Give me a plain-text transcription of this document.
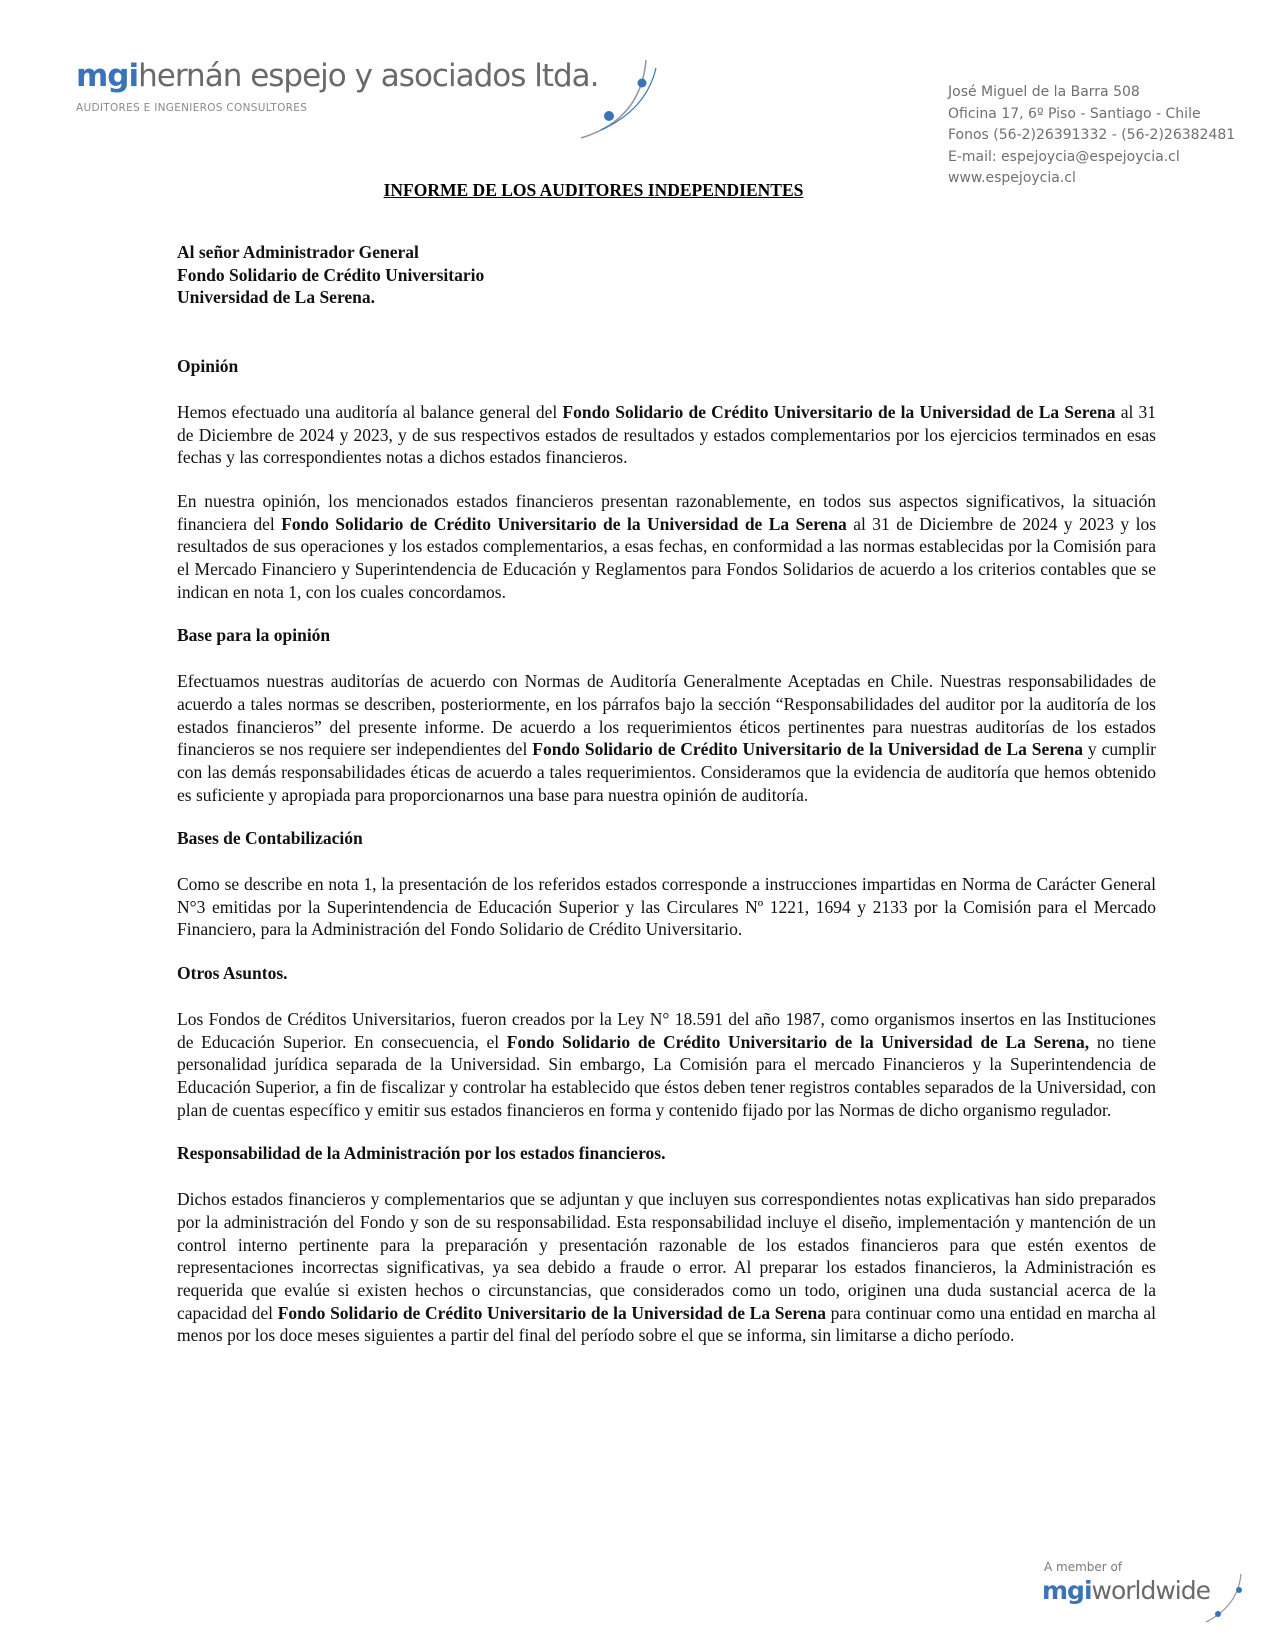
mgihernán espejo y asociados ltda.
AUDITORES E INGENIEROS CONSULTORES
José Miguel de la Barra 508
Oficina 17, 6º Piso - Santiago - Chile
Fonos (56-2)26391332 - (56-2)26382481
E-mail: espejoycia@espejoycia.cl
www.espejoycia.cl
INFORME DE LOS AUDITORES INDEPENDIENTES
Al señor Administrador General
Fondo Solidario de Crédito Universitario
Universidad de La Serena.
Opinión

Hemos efectuado una auditoría al balance general del Fondo Solidario de Crédito Universitario de la Universidad de La Serena al 31 de Diciembre de 2024 y 2023, y de sus respectivos estados de resultados y estados complementarios por los ejercicios terminados en esas fechas y las correspondientes notas a dichos estados financieros.

En nuestra opinión, los mencionados estados financieros presentan razonablemente, en todos sus aspectos significativos, la situación financiera del Fondo Solidario de Crédito Universitario de la Universidad de La Serena al 31 de Diciembre de 2024 y 2023 y los resultados de sus operaciones y los estados complementarios, a esas fechas, en conformidad a las normas establecidas por la Comisión para el Mercado Financiero y Superintendencia de Educación y Reglamentos para Fondos Solidarios de acuerdo a los criterios contables que se indican en nota 1, con los cuales concordamos.

Base para la opinión

Efectuamos nuestras auditorías de acuerdo con Normas de Auditoría Generalmente Aceptadas en Chile. Nuestras responsabilidades de acuerdo a tales normas se describen, posteriormente, en los párrafos bajo la sección “Responsabilidades del auditor por la auditoría de los estados financieros” del presente informe. De acuerdo a los requerimientos éticos pertinentes para nuestras auditorías de los estados financieros se nos requiere ser independientes del Fondo Solidario de Crédito Universitario de la Universidad de La Serena y cumplir con las demás responsabilidades éticas de acuerdo a tales requerimientos. Consideramos que la evidencia de auditoría que hemos obtenido es suficiente y apropiada para proporcionarnos una base para nuestra opinión de auditoría.

Bases de Contabilización

Como se describe en nota 1, la presentación de los referidos estados corresponde a instrucciones impartidas en Norma de Carácter General N°3 emitidas por la Superintendencia de Educación Superior y las Circulares Nº 1221, 1694 y 2133 por la Comisión para el Mercado Financiero, para la Administración del Fondo Solidario de Crédito Universitario.

Otros Asuntos.

Los Fondos de Créditos Universitarios, fueron creados por la Ley N° 18.591 del año 1987, como organismos insertos en las Instituciones de Educación Superior. En consecuencia, el Fondo Solidario de Crédito Universitario de la Universidad de La Serena, no tiene personalidad jurídica separada de la Universidad. Sin embargo, La Comisión para el mercado Financieros y la Superintendencia de Educación Superior, a fin de fiscalizar y controlar ha establecido que éstos deben tener registros contables separados de la Universidad, con plan de cuentas específico y emitir sus estados financieros en forma y contenido fijado por las Normas de dicho organismo regulador.

Responsabilidad de la Administración por los estados financieros.

Dichos estados financieros y complementarios que se adjuntan y que incluyen sus correspondientes notas explicativas han sido preparados por la administración del Fondo y son de su responsabilidad. Esta responsabilidad incluye el diseño, implementación y mantención de un control interno pertinente para la preparación y presentación razonable de los estados financieros para que estén exentos de representaciones incorrectas significativas, ya sea debido a fraude o error. Al preparar los estados financieros, la Administración es requerida que evalúe si existen hechos o circunstancias, que considerados como un todo, originen una duda sustancial acerca de la capacidad del Fondo Solidario de Crédito Universitario de la Universidad de La Serena para continuar como una entidad en marcha al menos por los doce meses siguientes a partir del final del período sobre el que se informa, sin limitarse a dicho período.

A member of
mgiworldwide
